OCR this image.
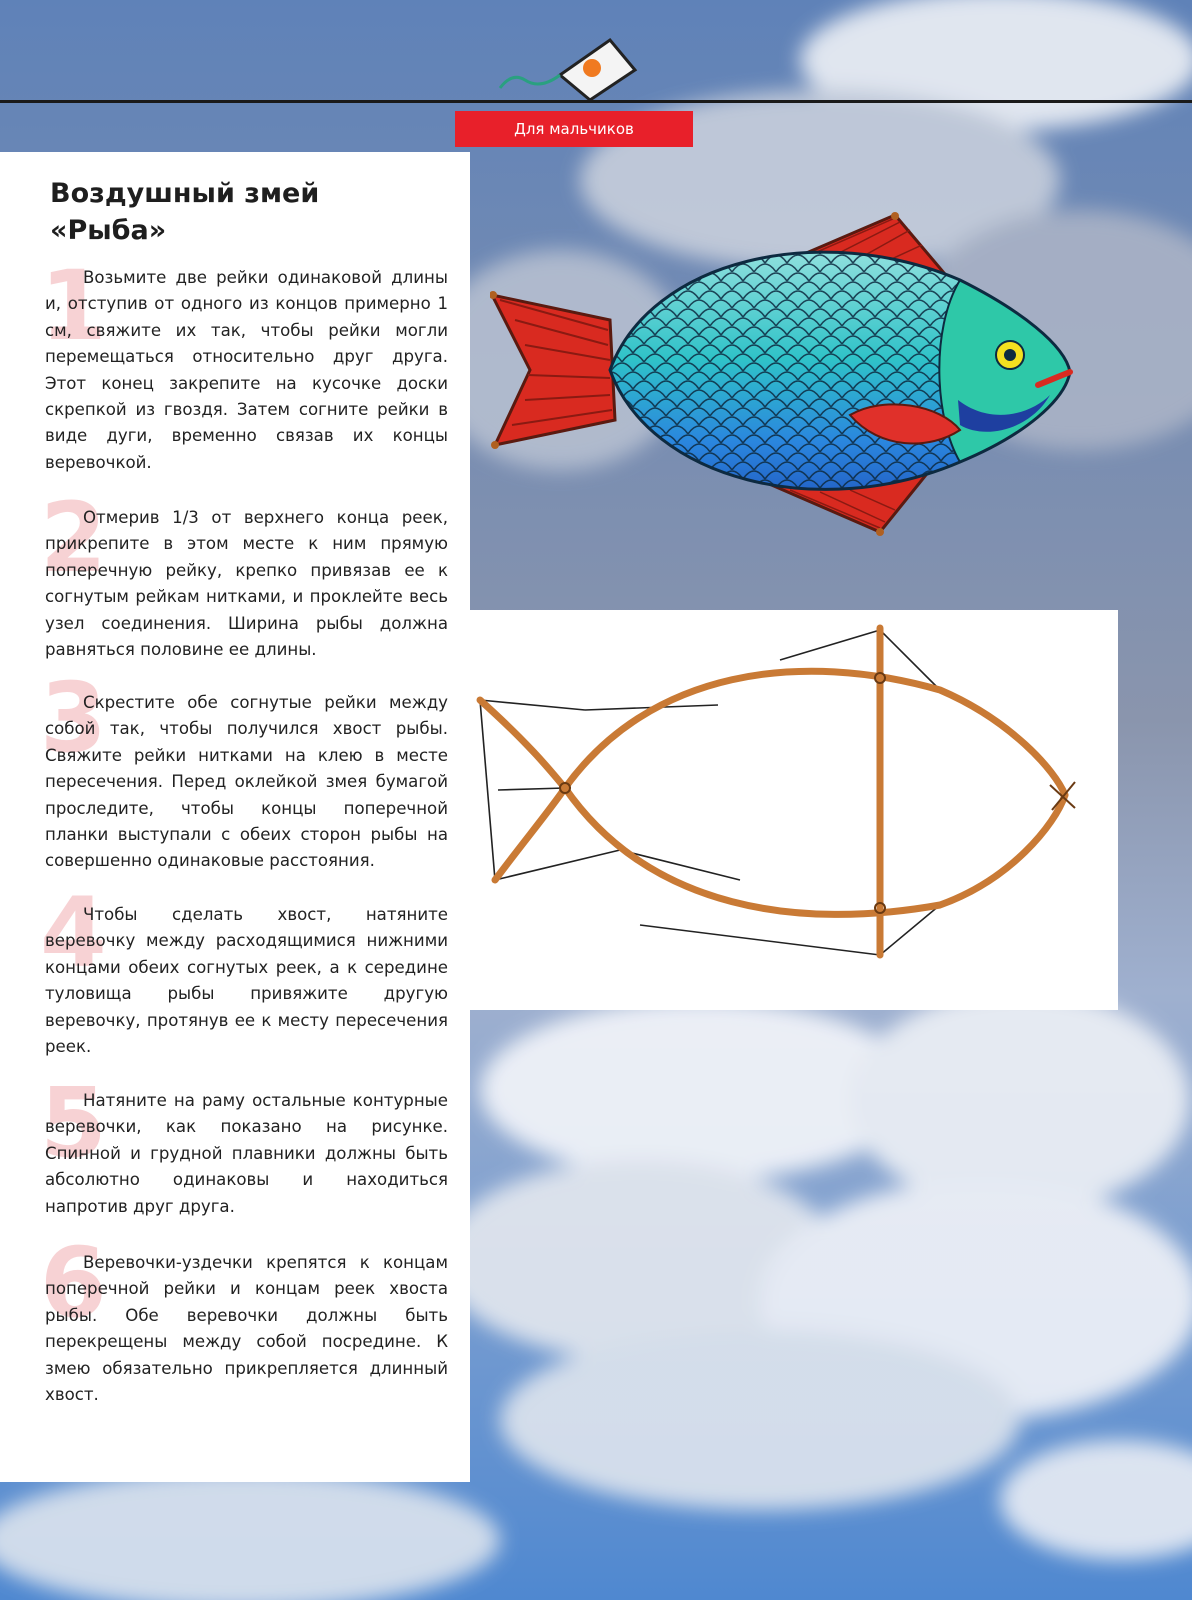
Для мальчиков
Воздушный змей
«Рыба»
1
2
3
4
5
6

Возьмите две рейки одинаковой длины и, отступив от одного из концов примерно 1 см, свяжите их так, чтобы рейки могли перемещаться относительно друг друга. Этот конец закрепите на кусочке доски скрепкой из гвоздя. Затем согните рейки в виде дуги, временно связав их концы веревочкой.

Отмерив 1/3 от верхнего конца реек, прикрепите в этом месте к ним прямую поперечную рейку, крепко привязав ее к согнутым рейкам нитками, и проклейте весь узел соединения. Ширина рыбы должна равняться половине ее длины.

Скрестите обе согнутые рейки между собой так, чтобы получился хвост рыбы. Свяжите рейки нитками на клею в месте пересечения. Перед оклейкой змея бумагой проследите, чтобы концы поперечной планки выступали с обеих сторон рыбы на совершенно одинаковые расстояния.

Чтобы сделать хвост, натяните веревочку между расходящимися нижними концами обеих согнутых реек, а к середине туловища рыбы привяжите другую веревочку, протянув ее к месту пересечения реек.

Натяните на раму остальные контурные веревочки, как показано на рисунке. Спинной и грудной плавники должны быть абсолютно одинаковы и находиться напротив друг друга.

Веревочки-уздечки крепятся к концам поперечной рейки и концам реек хвоста рыбы. Обе веревочки должны быть перекрещены между собой посредине. К змею обязательно прикрепляется длинный хвост.
